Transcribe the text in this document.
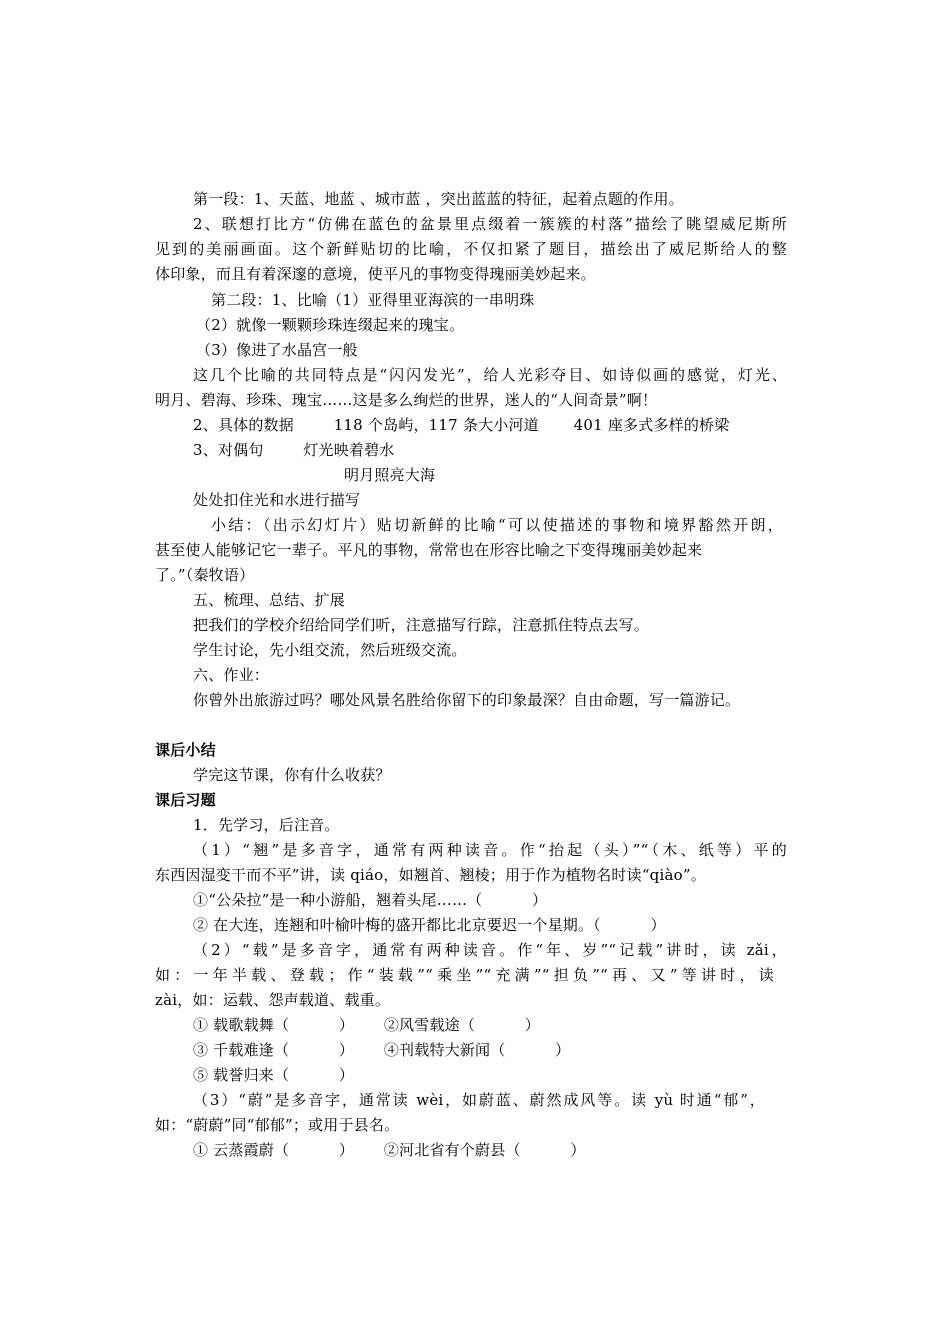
第一段：1、天蓝、地蓝 、城市蓝 ，突出蓝蓝的特征，起着点题的作用。
2、联想打比方“仿佛在蓝色的盆景里点缀着一簇簇的村落”描绘了眺望威尼斯所
见到的美丽画面。这个新鲜贴切的比喻，不仅扣紧了题目，描绘出了威尼斯给人的整
体印象，而且有着深邃的意境，使平凡的事物变得瑰丽美妙起来。
第二段：1、比喻（1）亚得里亚海滨的一串明珠
（2）就像一颗颗珍珠连缀起来的瑰宝。
（3）像进了水晶宫一般
这几个比喻的共同特点是“闪闪发光”，给人光彩夺目、如诗似画的感觉，灯光、
明月、碧海、珍珠、瑰宝……这是多么绚烂的世界，迷人的“人间奇景”啊！
2、具体的数据        118 个岛屿，117 条大小河道       401 座多式多样的桥梁
3、对偶句        灯光映着碧水
明月照亮大海
处处扣住光和水进行描写
小结：（出示幻灯片）贴切新鲜的比喻“可以使描述的事物和境界豁然开朗，
甚至使人能够记它一辈子。平凡的事物，常常也在形容比喻之下变得瑰丽美妙起来
了。”（秦牧语）
五、梳理、总结、扩展
把我们的学校介绍给同学们听，注意描写行踪，注意抓住特点去写。
学生讨论，先小组交流，然后班级交流。
六、作业：
你曾外出旅游过吗？哪处风景名胜给你留下的印象最深？自由命题，写一篇游记。
课后小结
学完这节课，你有什么收获？
课后习题
1．先学习，后注音。
（1）“翘”是多音字，通常有两种读音。作“抬起（头）”“（木、纸等）平的
东西因湿变干而不平”讲，读 qiáo，如翘首、翘棱；用于作为植物名时读“qiào”。
①“公朵拉”是一种小游船，翘着头尾……（          ）
② 在大连，连翘和叶榆叶梅的盛开都比北京要迟一个星期。（          ）
（2）“载”是多音字，通常有两种读音。作“年、岁”“记载”讲时，读 zǎi，
如：一年半载、登载；作“装载”“乘坐”“充满”“担负”“再、又”等讲时，读
zài，如：运载、怨声载道、载重。
① 载歌载舞（          ）      ②风雪载途（          ）
③ 千载难逢（          ）      ④刊载特大新闻（          ）
⑤ 载誉归来（          ）
（3）“蔚”是多音字，通常读 wèi，如蔚蓝、蔚然成风等。读 yù 时通“郁”，
如：“蔚蔚”同“郁郁”；或用于县名。
① 云蒸霞蔚（          ）      ②河北省有个蔚县（          ）
